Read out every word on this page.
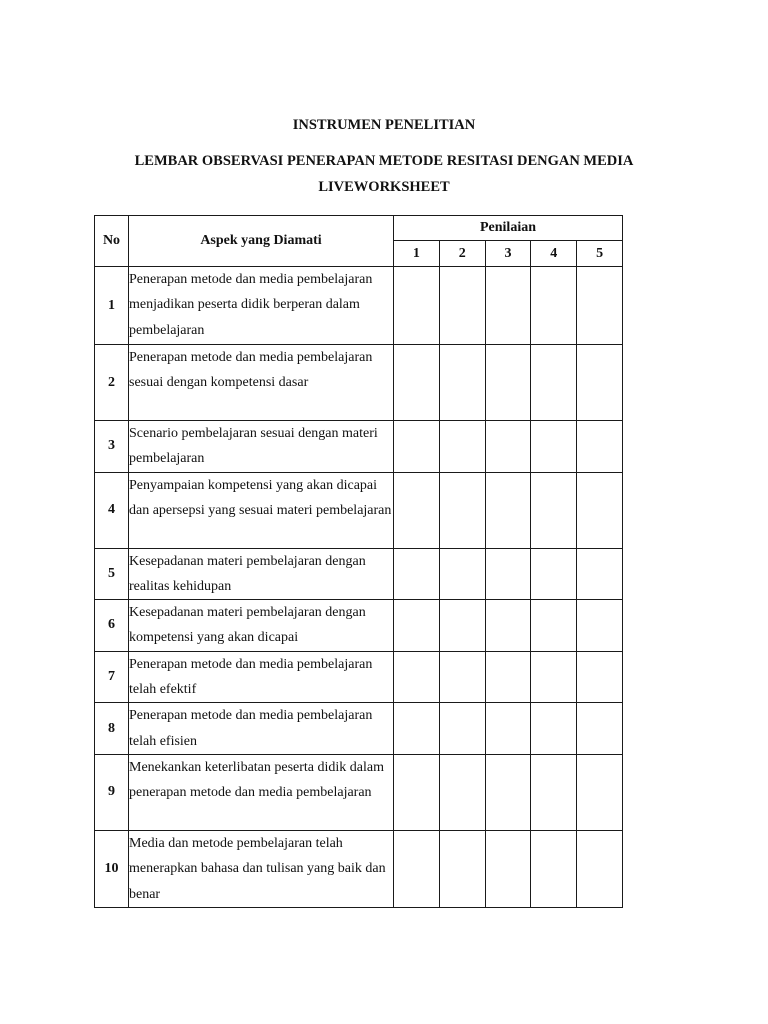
INSTRUMEN PENELITIAN
LEMBAR OBSERVASI PENERAPAN METODE RESITASI DENGAN MEDIA
LIVEWORKSHEET
No	Aspek yang Diamati	Penilaian				
		1	2	3	4	5
1	Penerapan metode dan media pembelajaran menjadikan peserta didik berperan dalam pembelajaran					
2	Penerapan metode dan media pembelajaran sesuai dengan kompetensi dasar					
3	Scenario pembelajaran sesuai dengan materi pembelajaran					
4	Penyampaian kompetensi yang akan dicapai dan apersepsi yang sesuai materi pembelajaran					
5	Kesepadanan materi pembelajaran dengan realitas kehidupan					
6	Kesepadanan materi pembelajaran dengan kompetensi yang akan dicapai					
7	Penerapan metode dan media pembelajaran telah efektif					
8	Penerapan metode dan media pembelajaran telah efisien					
9	Menekankan keterlibatan peserta didik dalam penerapan metode dan media pembelajaran					
10	Media dan metode pembelajaran telah menerapkan bahasa dan tulisan yang baik dan benar					
